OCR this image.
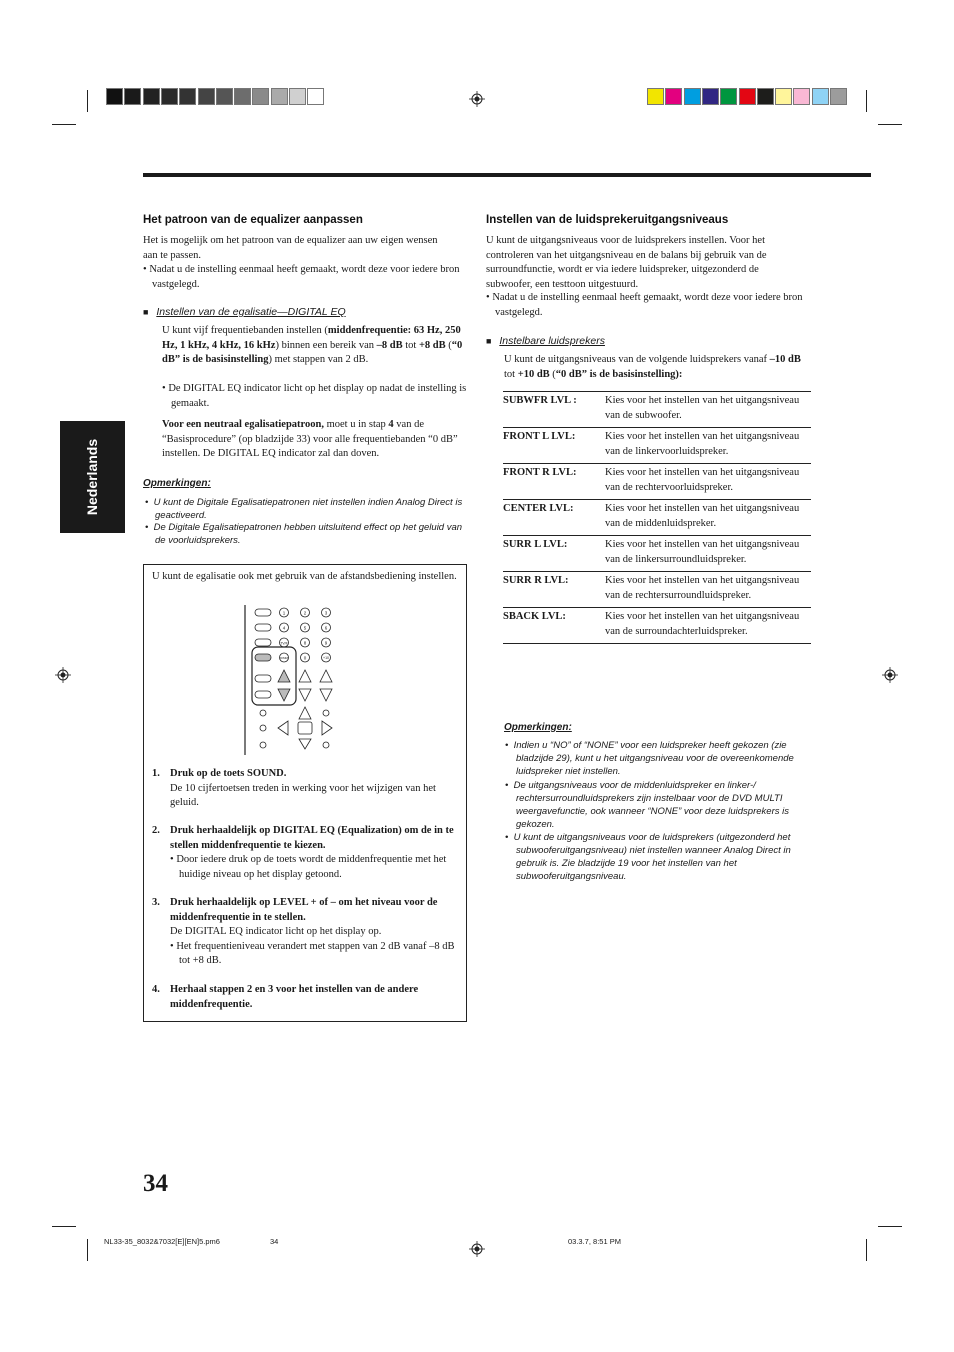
Nederlands
Het patroon van de equalizer aanpassen

Het is mogelijk om het patroon van de equalizer aan uw eigen wensen aan te passen.

• Nadat u de instelling eenmaal heeft gemaakt, wordt deze voor iedere bron vastgelegd.

■ Instellen van de egalisatie—DIGITAL EQ

U kunt vijf frequentiebanden instellen (middenfrequentie: 63 Hz, 250 Hz, 1 kHz, 4 kHz, 16 kHz) binnen een bereik van –8 dB tot +8 dB (“0 dB” is de basisinstelling) met stappen van 2 dB.

• De DIGITAL EQ indicator licht op het display op nadat de instelling is gemaakt.

Voor een neutraal egalisatiepatroon, moet u in stap 4 van de “Basisprocedure” (op bladzijde 33) voor alle frequentiebanden “0 dB” instellen. De DIGITAL EQ indicator zal dan doven.

Opmerkingen:
•  U kunt de Digitale Egalisatiepatronen niet instellen indien Analog Direct is geactiveerd.
•  De Digitale Egalisatiepatronen hebben uitsluitend effect op het geluid van de voorluidsprekers.

U kunt de egalisatie ook met gebruik van de afstandsbediening instellen.

1	2	3
4	5	6
TV/F	8	9
DIMM	0	+10
1. Druk op de toets SOUND.
De 10 cijfertoetsen treden in werking voor het wijzigen van het geluid.
2. Druk herhaaldelijk op DIGITAL EQ (Equalization) om de in te stellen middenfrequentie te kiezen.
• Door iedere druk op de toets wordt de middenfrequentie met het huidige niveau op het display getoond.
3. Druk herhaaldelijk op LEVEL + of – om het niveau voor de middenfrequentie in te stellen.
De DIGITAL EQ indicator licht op het display op.
• Het frequentieniveau verandert met stappen van 2 dB vanaf –8 dB tot +8 dB.
4. Herhaal stappen 2 en 3 voor het instellen van de andere middenfrequentie.
Instellen van de luidsprekeruitgangsniveaus

U kunt de uitgangsniveaus voor de luidsprekers instellen. Voor het controleren van het uitgangsniveau en de balans bij gebruik van de surroundfunctie, wordt er via iedere luidspreker, uitgezonderd de subwoofer, een testtoon uitgestuurd.

• Nadat u de instelling eenmaal heeft gemaakt, wordt deze voor iedere bron vastgelegd.

■ Instelbare luidsprekers

U kunt de uitgangsniveaus van de volgende luidsprekers vanaf –10 dB tot +10 dB (“0 dB” is de basisinstelling):

SUBWFR LVL :	Kies voor het instellen van het uitgangsniveau van de subwoofer.
FRONT L LVL:	Kies voor het instellen van het uitgangsniveau van de linkervoorluidspreker.
FRONT R LVL:	Kies voor het instellen van het uitgangsniveau van de rechtervoorluidspreker.
CENTER LVL:	Kies voor het instellen van het uitgangsniveau van de middenluidspreker.
SURR L LVL:	Kies voor het instellen van het uitgangsniveau van de linkersurroundluidspreker.
SURR R LVL:	Kies voor het instellen van het uitgangsniveau van de rechtersurroundluidspreker.
SBACK LVL:	Kies voor het instellen van het uitgangsniveau van de surroundachterluidspreker.
Opmerkingen:
•  Indien u “NO” of “NONE” voor een luidspreker heeft gekozen (zie bladzijde 29), kunt u het uitgangsniveau voor de overeenkomende luidspreker niet instellen.
•  De uitgangsniveaus voor de middenluidspreker en linker-/ rechtersurroundluidsprekers zijn instelbaar voor de DVD MULTI weergavefunctie, ook wanneer “NONE” voor deze luidsprekers is gekozen.
•  U kunt de uitgangsniveaus voor de luidsprekers (uitgezonderd het subwooferuitgangsniveau) niet instellen wanneer Analog Direct in gebruik is. Zie bladzijde 19 voor het instellen van het subwooferuitgangsniveau.
34
NL33-35_8032&7032[E][EN]5.pm6	34	03.3.7, 8:51 PM
